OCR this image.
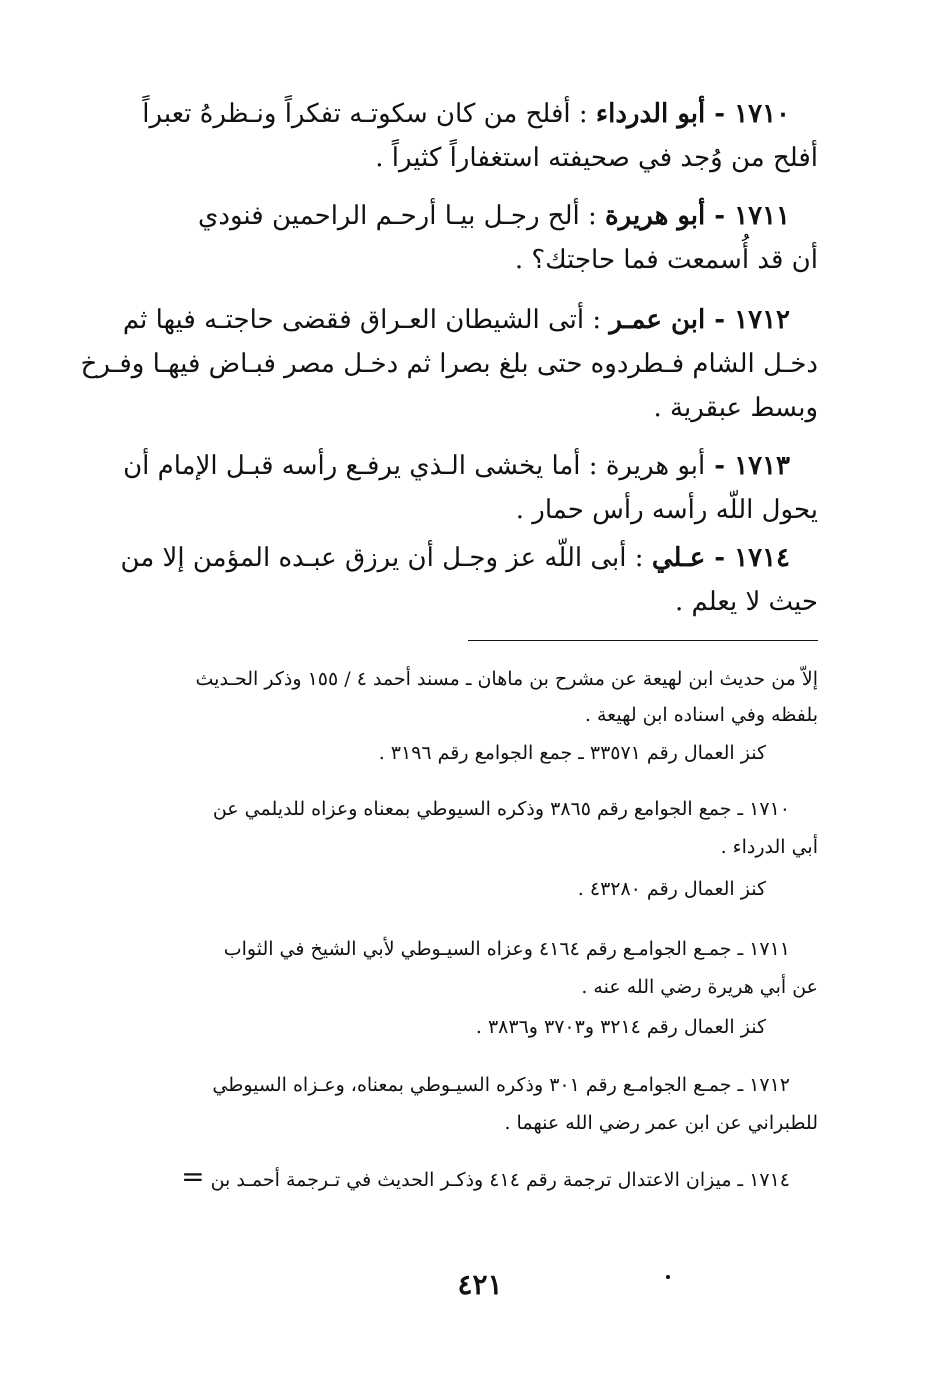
١٧١٠ - أبو الدرداء : أفلح من كان سكوتـه تفكراً ونـظرهُ تعبراً
أفلح من وُجد في صحيفته استغفاراً كثيراً .
١٧١١ - أبو هريرة : ألح رجـل بيـا أرحـم الراحمين فنودي
أن قد أُسمعت فما حاجتك؟ .
١٧١٢ - ابن عمـر : أتى الشيطان العـراق فقضى حاجتـه فيها ثم
دخـل الشام فـطردوه حتى بلغ بصرا ثم دخـل مصر فبـاض فيهـا وفـرخ
وبسط عبقرية .
١٧١٣ - أبو هريرة : أما يخشى الـذي يرفـع رأسه قبـل الإمام أن
يحول اللّه رأسه رأس حمار .
١٧١٤ - عـلي : أبى اللّه عز وجـل أن يرزق عبـده المؤمن إلا من
حيث لا يعلم .
إلاّ من حديث ابن لهيعة عن مشرح بن ماهان ـ مسند أحمد ٤ / ١٥٥ وذكر الحـديث
بلفظه وفي اسناده ابن لهيعة .
كنز العمال رقم ٣٣٥٧١ ـ جمع الجوامع رقم ٣١٩٦ .
١٧١٠ ـ جمع الجوامع رقم ٣٨٦٥ وذكره السيوطي بمعناه وعزاه للديلمي عن
أبي الدرداء .
كنز العمال رقم ٤٣٢٨٠ .
١٧١١ ـ جمـع الجوامـع رقم ٤١٦٤ وعزاه السيـوطي لأبي الشيخ في الثواب
عن أبي هريرة رضي الله عنه .
كنز العمال رقم ٣٢١٤ و٣٧٠٣ و٣٨٣٦ .
١٧١٢ ـ جمـع الجوامـع رقم ٣٠١ وذكره السيـوطي بمعناه، وعـزاه السيوطي
للطبراني عن ابن عمر رضي الله عنهما .
١٧١٤ ـ ميزان الاعتدال ترجمة رقم ٤١٤ وذكـر الحديث في تـرجمة أحمـد بن =
٤٢١
